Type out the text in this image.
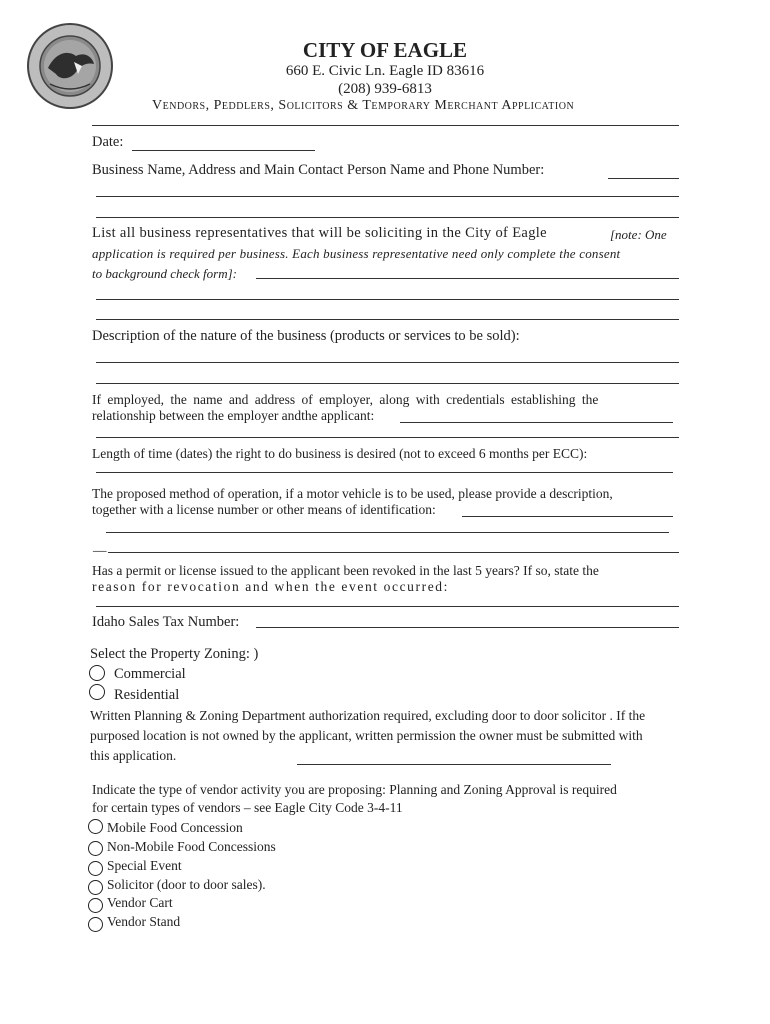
CITY OF EAGLE
660 E. Civic Ln. Eagle ID 83616
(208) 939-6813
Vendors, Peddlers, Solicitors & Temporary Merchant Application
Date:
Business Name, Address and Main Contact Person Name and Phone Number:
List all business representatives that will be soliciting in the City of Eagle	[note: One
application is required per business. Each business representative need only complete the consent
to background check form]:
Description of the nature of the business (products or services to be sold):
If employed, the name and address of employer, along with credentials establishing the
relationship between the employer andthe applicant:
Length of time (dates) the right to do business is desired (not to exceed 6 months per ECC):
The proposed method of operation, if a motor vehicle is to be used, please provide a description,
together with a license number or other means of identification:
__
Has a permit or license issued to the applicant been revoked in the last 5 years? If so, state the
reason for revocation and when the event occurred:
Idaho Sales Tax Number:
Select the Property Zoning: )
Commercial
Residential
Written Planning & Zoning Department authorization required, excluding door to door solicitor . If the
purposed location is not owned by the applicant, written permission the owner must be submitted with
this application.
Indicate the type of vendor activity you are proposing: Planning and Zoning Approval is required
for certain types of vendors – see Eagle City Code 3-4-11
Mobile Food Concession
Non-Mobile Food Concessions
Special Event
Solicitor (door to door sales).
Vendor Cart
Vendor Stand
